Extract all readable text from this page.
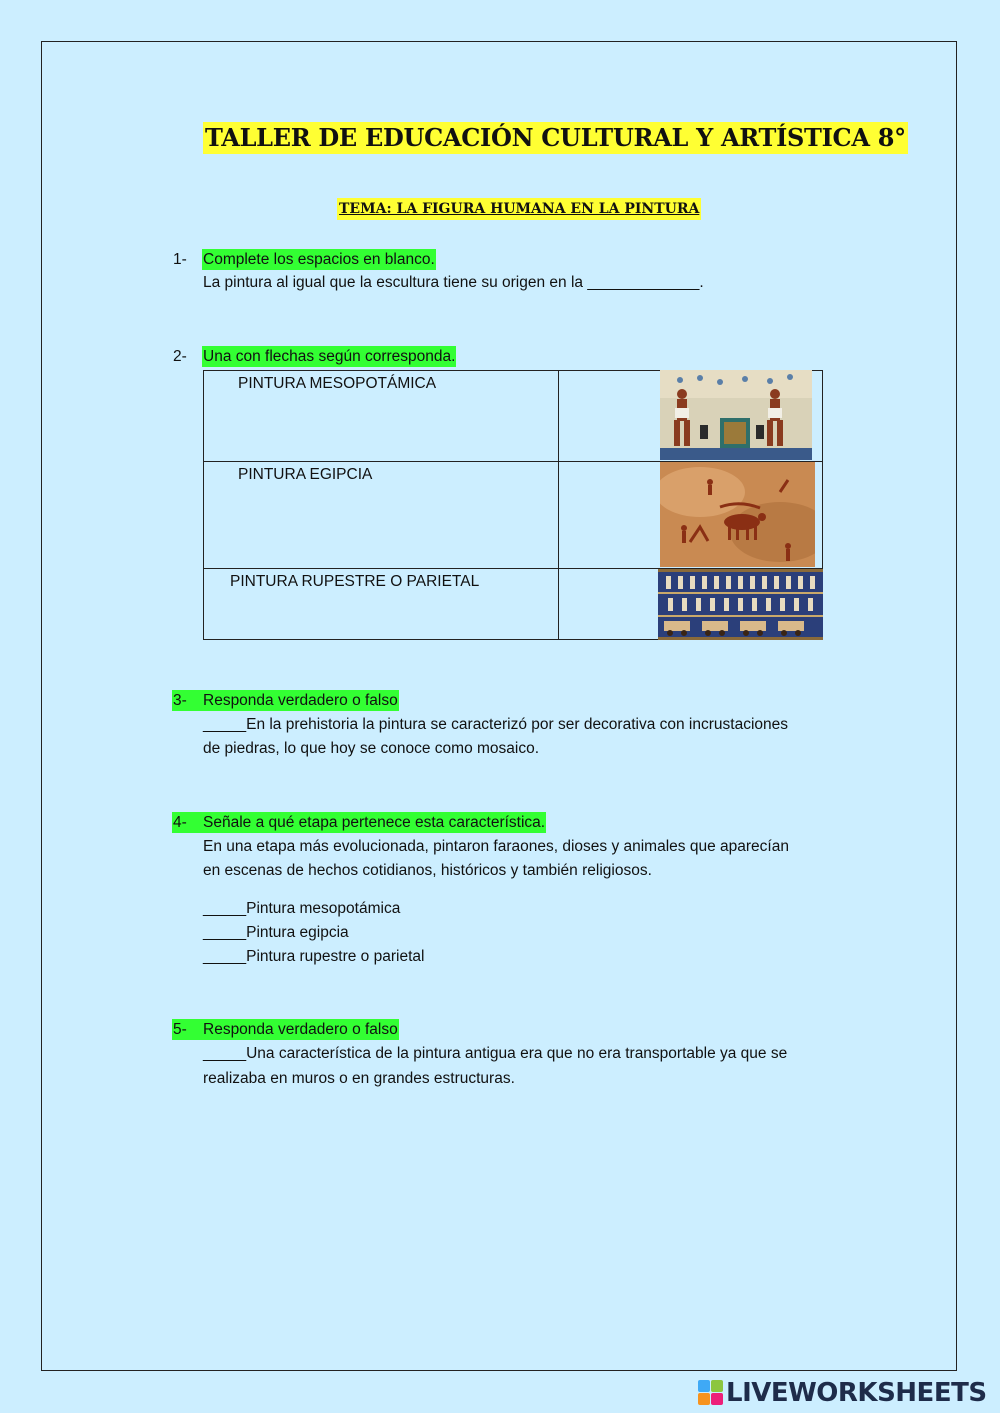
TALLER DE EDUCACIÓN CULTURAL Y ARTÍSTICA 8°
TEMA: LA FIGURA HUMANA EN LA PINTURA
1- Complete los espacios en blanco.
La pintura al igual que la escultura tiene su origen en la _____________.
2- Una con flechas según corresponda.
PINTURA MESOPOTÁMICA	

PINTURA EGIPCIA	

PINTURA RUPESTRE O PARIETAL	

3- Responda verdadero o falso
_____En la prehistoria la pintura se caracterizó por ser decorativa con incrustaciones
de piedras, lo que hoy se conoce como mosaico.
4- Señale a qué etapa pertenece esta característica.
En una etapa más evolucionada, pintaron faraones, dioses y animales que aparecían
en escenas de hechos cotidianos, históricos y también religiosos.
_____Pintura mesopotámica
_____Pintura egipcia
_____Pintura rupestre o parietal
5- Responda verdadero o falso
_____Una característica de la pintura antigua era que no era transportable ya que se
realizaba en muros o en grandes estructuras.
LIVEWORKSHEETS
